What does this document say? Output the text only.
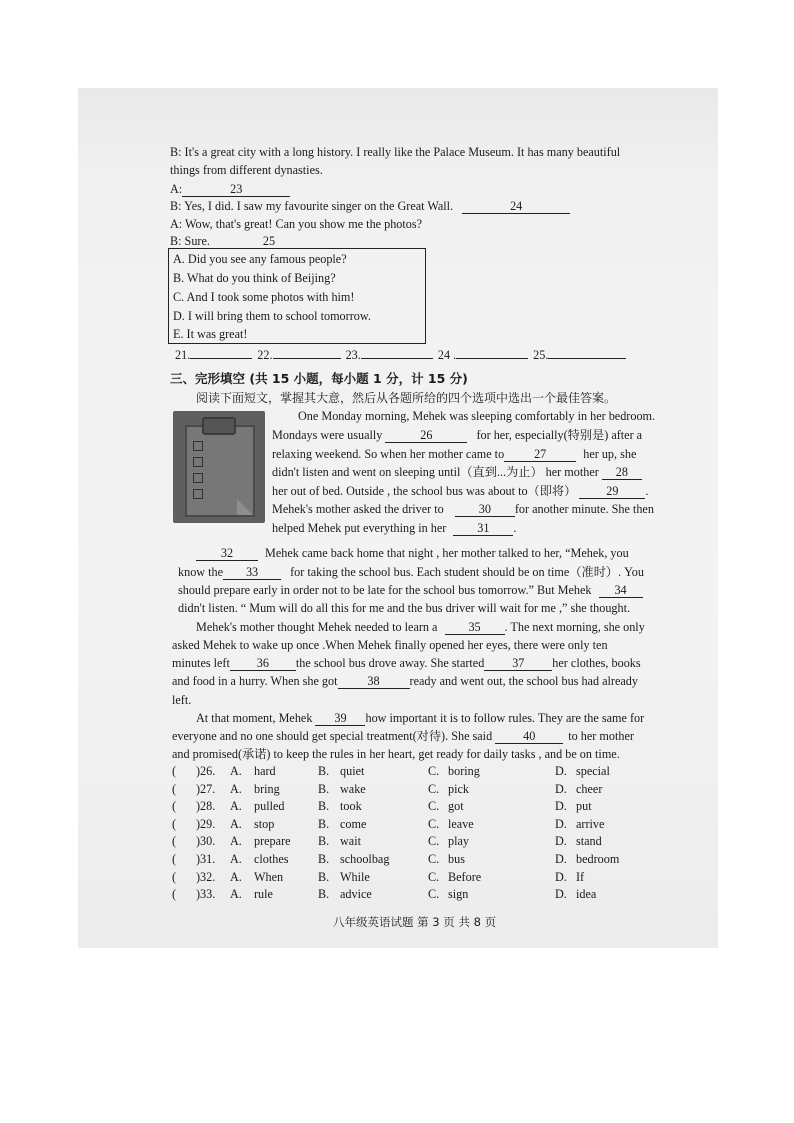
B: It's a great city with a long history. I really like the Palace Museum. It has many beautiful
things from different dynasties.
A:	23
B: Yes, I did. I saw my favourite singer on the Great Wall.	24
A: Wow, that's great! Can you show me the photos?
B: Sure.	25
A. Did you see any famous people?
B. What do you think of Beijing?
C. And I took some photos with him!
D. I will bring them to school tomorrow.
E. It was great!
21.	22.	23.	24 .	25.
三、完形填空 (共 15 小题，每小题 1 分，计 15 分)
阅读下面短文，掌握其大意，然后从各题所给的四个选项中选出一个最佳答案。
One Monday morning, Mehek was sleeping comfortably in her bedroom.
Mondays were usually	26	for her, especially(特别是) after a
relaxing weekend. So when her mother came to 27	her up, she
didn't listen and went on sleeping until（直到...为止） her mother 28
her out of bed. Outside , the school bus was about to（即将） 29 .
Mehek's mother asked the driver to	30 for another minute. She then
helped Mehek put everything in her	31 .
32	Mehek came back home that night , her mother talked to her, “Mehek, you
know the 33	for taking the school bus. Each student should be on time（准时）. You
should prepare early in order not to be late for the school bus tomorrow.” But Mehek 34
didn't listen. “ Mum will do all this for me and the bus driver will wait for me ,” she thought.
Mehek's mother thought Mehek needed to learn a	35 . The next morning, she only
asked Mehek to wake up once .When Mehek finally opened her eyes, there were only ten
minutes left 36 the school bus drove away. She started 37 her clothes, books
and food in a hurry. When she got 38 ready and went out, the school bus had already
left.
At that moment, Mehek 39 how important it is to follow rules. They are the same for
everyone and no one should get special treatment(对待). She said	40	to her mother
and promised(承诺) to keep the rules in her heart, get ready for daily tasks , and be on time.
( )26. A. hard	B. quiet	C. boring	D. special
( )27. A. bring	B. wake	C. pick	D. cheer
( )28. A. pulled	B. took	C. got	D. put
( )29. A. stop	B. come	C. leave	D. arrive
( )30. A. prepare B. wait	C. play	D. stand
( )31. A. clothes B. schoolbag	C. bus	D. bedroom
( )32. A. When	B. While	C. Before	D. If
( )33. A. rule	B. advice	C. sign	D. idea
八年级英语试题 第 3 页 共 8 页
